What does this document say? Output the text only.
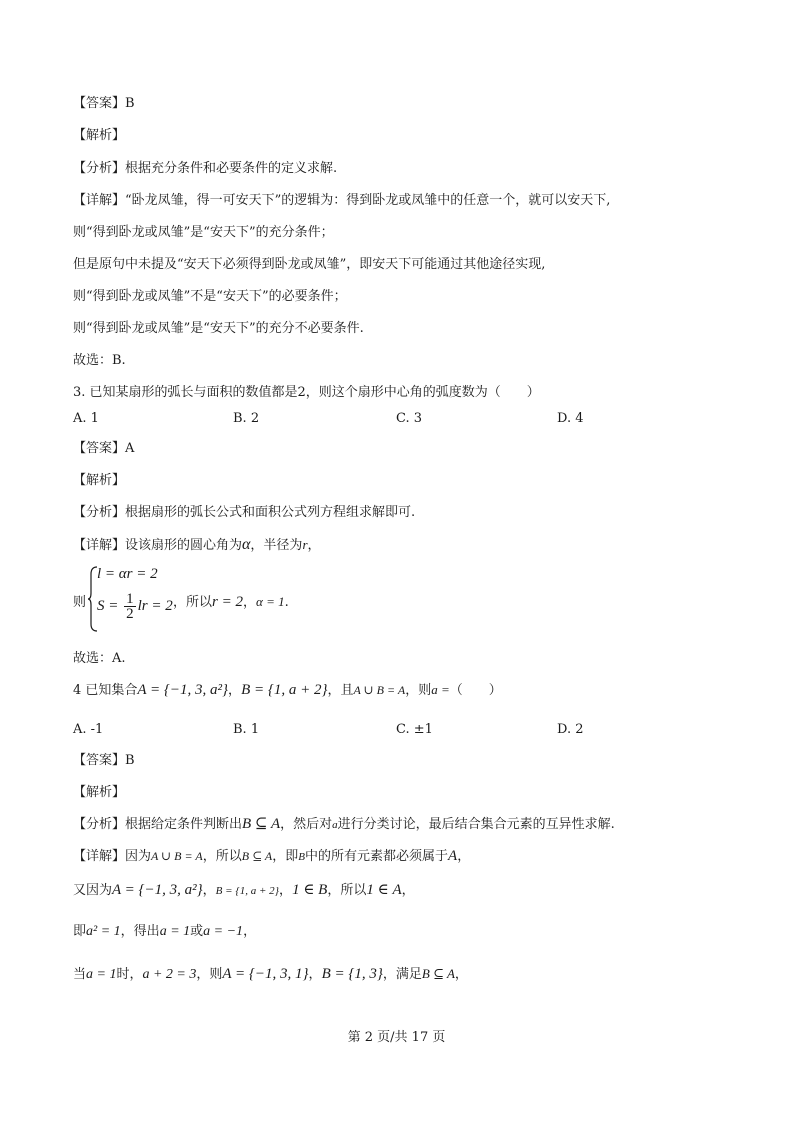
【答案】B
【解析】
【分析】根据充分条件和必要条件的定义求解.
【详解】“卧龙凤雏，得一可安天下”的逻辑为：得到卧龙或凤雏中的任意一个，就可以安天下,
则“得到卧龙或凤雏”是“安天下”的充分条件；
但是原句中未提及“安天下必须得到卧龙或凤雏”，即安天下可能通过其他途径实现,
则“得到卧龙或凤雏”不是“安天下”的必要条件；
则“得到卧龙或凤雏”是“安天下”的充分不必要条件.
故选：B.
3. 已知某扇形的弧长与面积的数值都是2，则这个扇形中心角的弧度数为（　　）
A. 1	B. 2	C. 3	D. 4
【答案】A
【解析】
【分析】根据扇形的弧长公式和面积公式列方程组求解即可.
【详解】设该扇形的圆心角为α，半径为r，
则
l = αr = 2
$S = \frac{1}{2}$ lr = 2 ，所以r = 2，α = 1.
故选：A.
4 已知集合A = {−1, 3, a²}，B = {1, a + 2}，且A ∪ B = A，则a =（　　）
A. -1	B. 1	C. ±1	D. 2
【答案】B
【解析】
【分析】根据给定条件判断出B ⊆ A，然后对a进行分类讨论，最后结合集合元素的互异性求解.
【详解】因为A ∪ B = A，所以B ⊆ A，即B中的所有元素都必须属于A，
又因为A = {−1, 3, a²}，B = {1, a + 2}，1 ∈ B，所以1 ∈ A，
即a² = 1，得出a = 1或a = −1，
当a = 1时，a + 2 = 3，则A = {−1, 3, 1}，B = {1, 3}，满足B ⊆ A，
第 2 页/共 17 页
